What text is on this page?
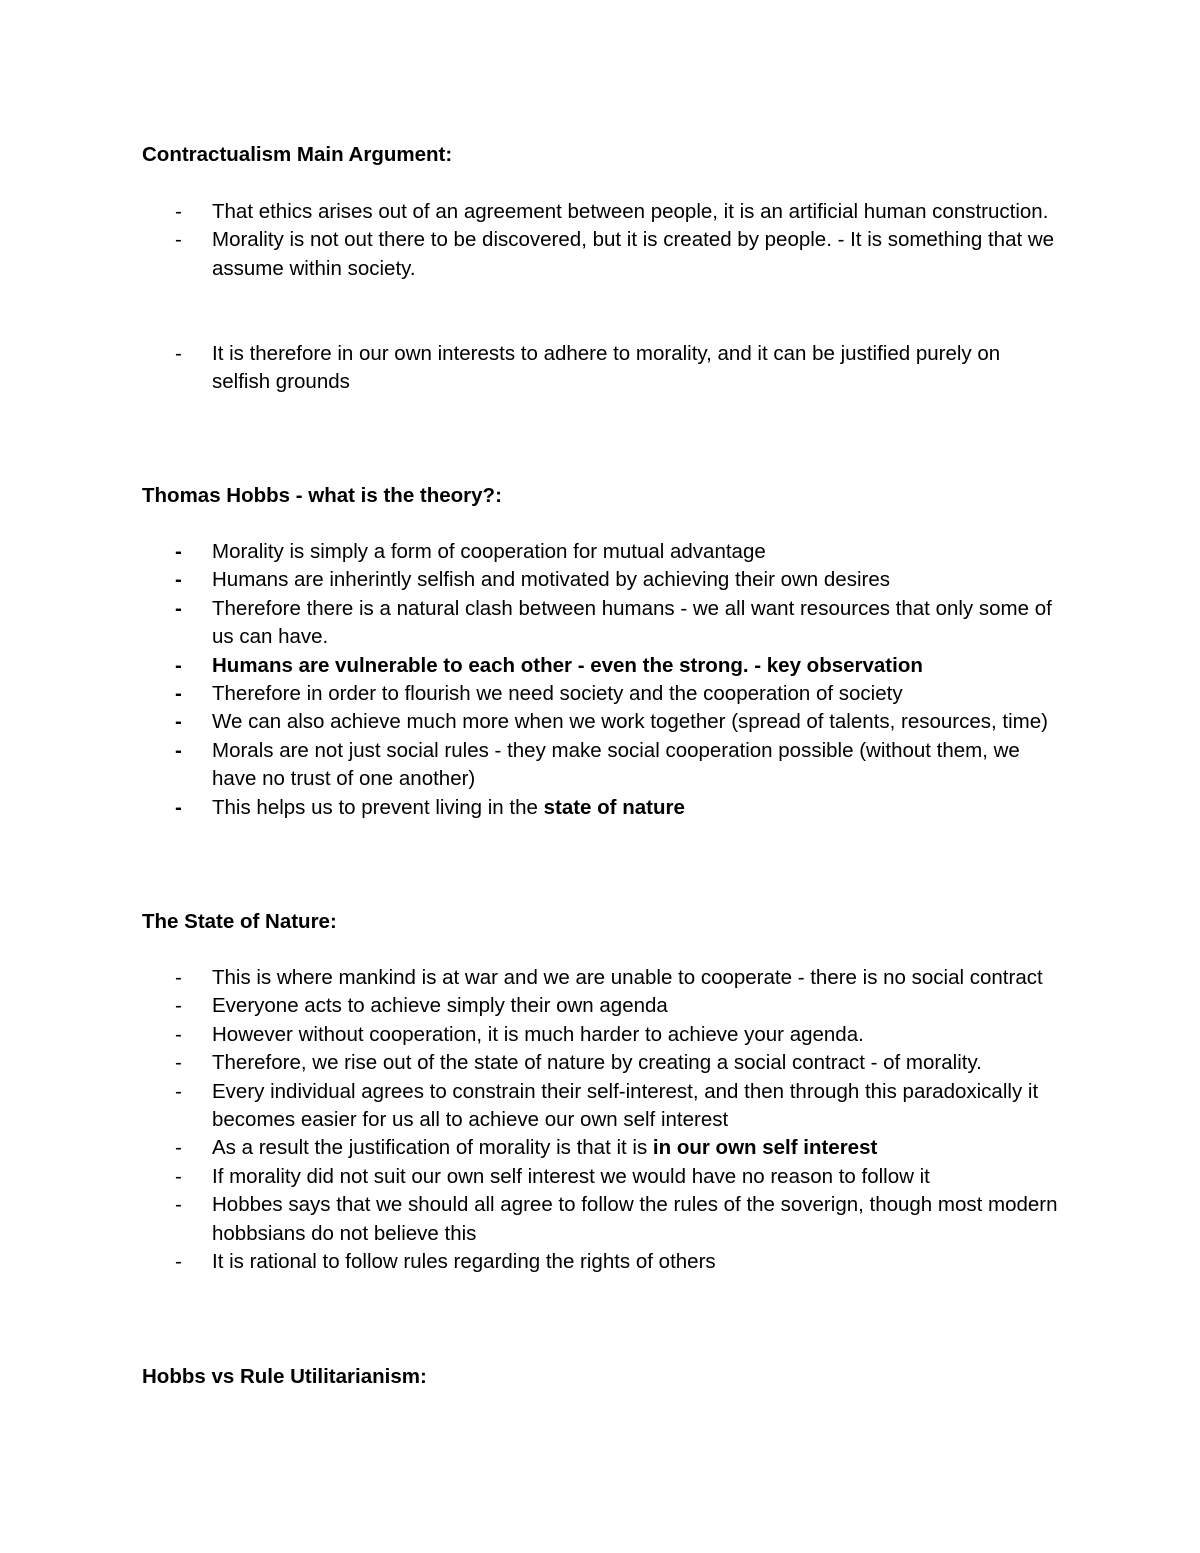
Contractualism Main Argument:
-	That ethics arises out of an agreement between people, it is an artificial human construction.
-	Morality is not out there to be discovered, but it is created by people. - It is something that we assume within society.
-	It is therefore in our own interests to adhere to morality, and it can be justified purely on selfish grounds
Thomas Hobbs - what is the theory?:
-	Morality is simply a form of cooperation for mutual advantage
-	Humans are inherintly selfish and motivated by achieving their own desires
-	Therefore there is a natural clash between humans - we all want resources that only some of us can have.
-	Humans are vulnerable to each other - even the strong. - key observation
-	Therefore in order to flourish we need society and the cooperation of society
-	We can also achieve much more when we work together (spread of talents, resources, time)
-	Morals are not just social rules - they make social cooperation possible (without them, we have no trust of one another)
-	This helps us to prevent living in the state of nature
The State of Nature:
-	This is where mankind is at war and we are unable to cooperate - there is no social contract
-	Everyone acts to achieve simply their own agenda
-	However without cooperation, it is much harder to achieve your agenda.
-	Therefore, we rise out of the state of nature by creating a social contract - of morality.
-	Every individual agrees to constrain their self-interest, and then through this paradoxically it becomes easier for us all to achieve our own self interest
-	As a result the justification of morality is that it is in our own self interest
-	If morality did not suit our own self interest we would have no reason to follow it
-	Hobbes says that we should all agree to follow the rules of the soverign, though most modern hobbsians do not believe this
-	It is rational to follow rules regarding the rights of others
Hobbs vs Rule Utilitarianism:
